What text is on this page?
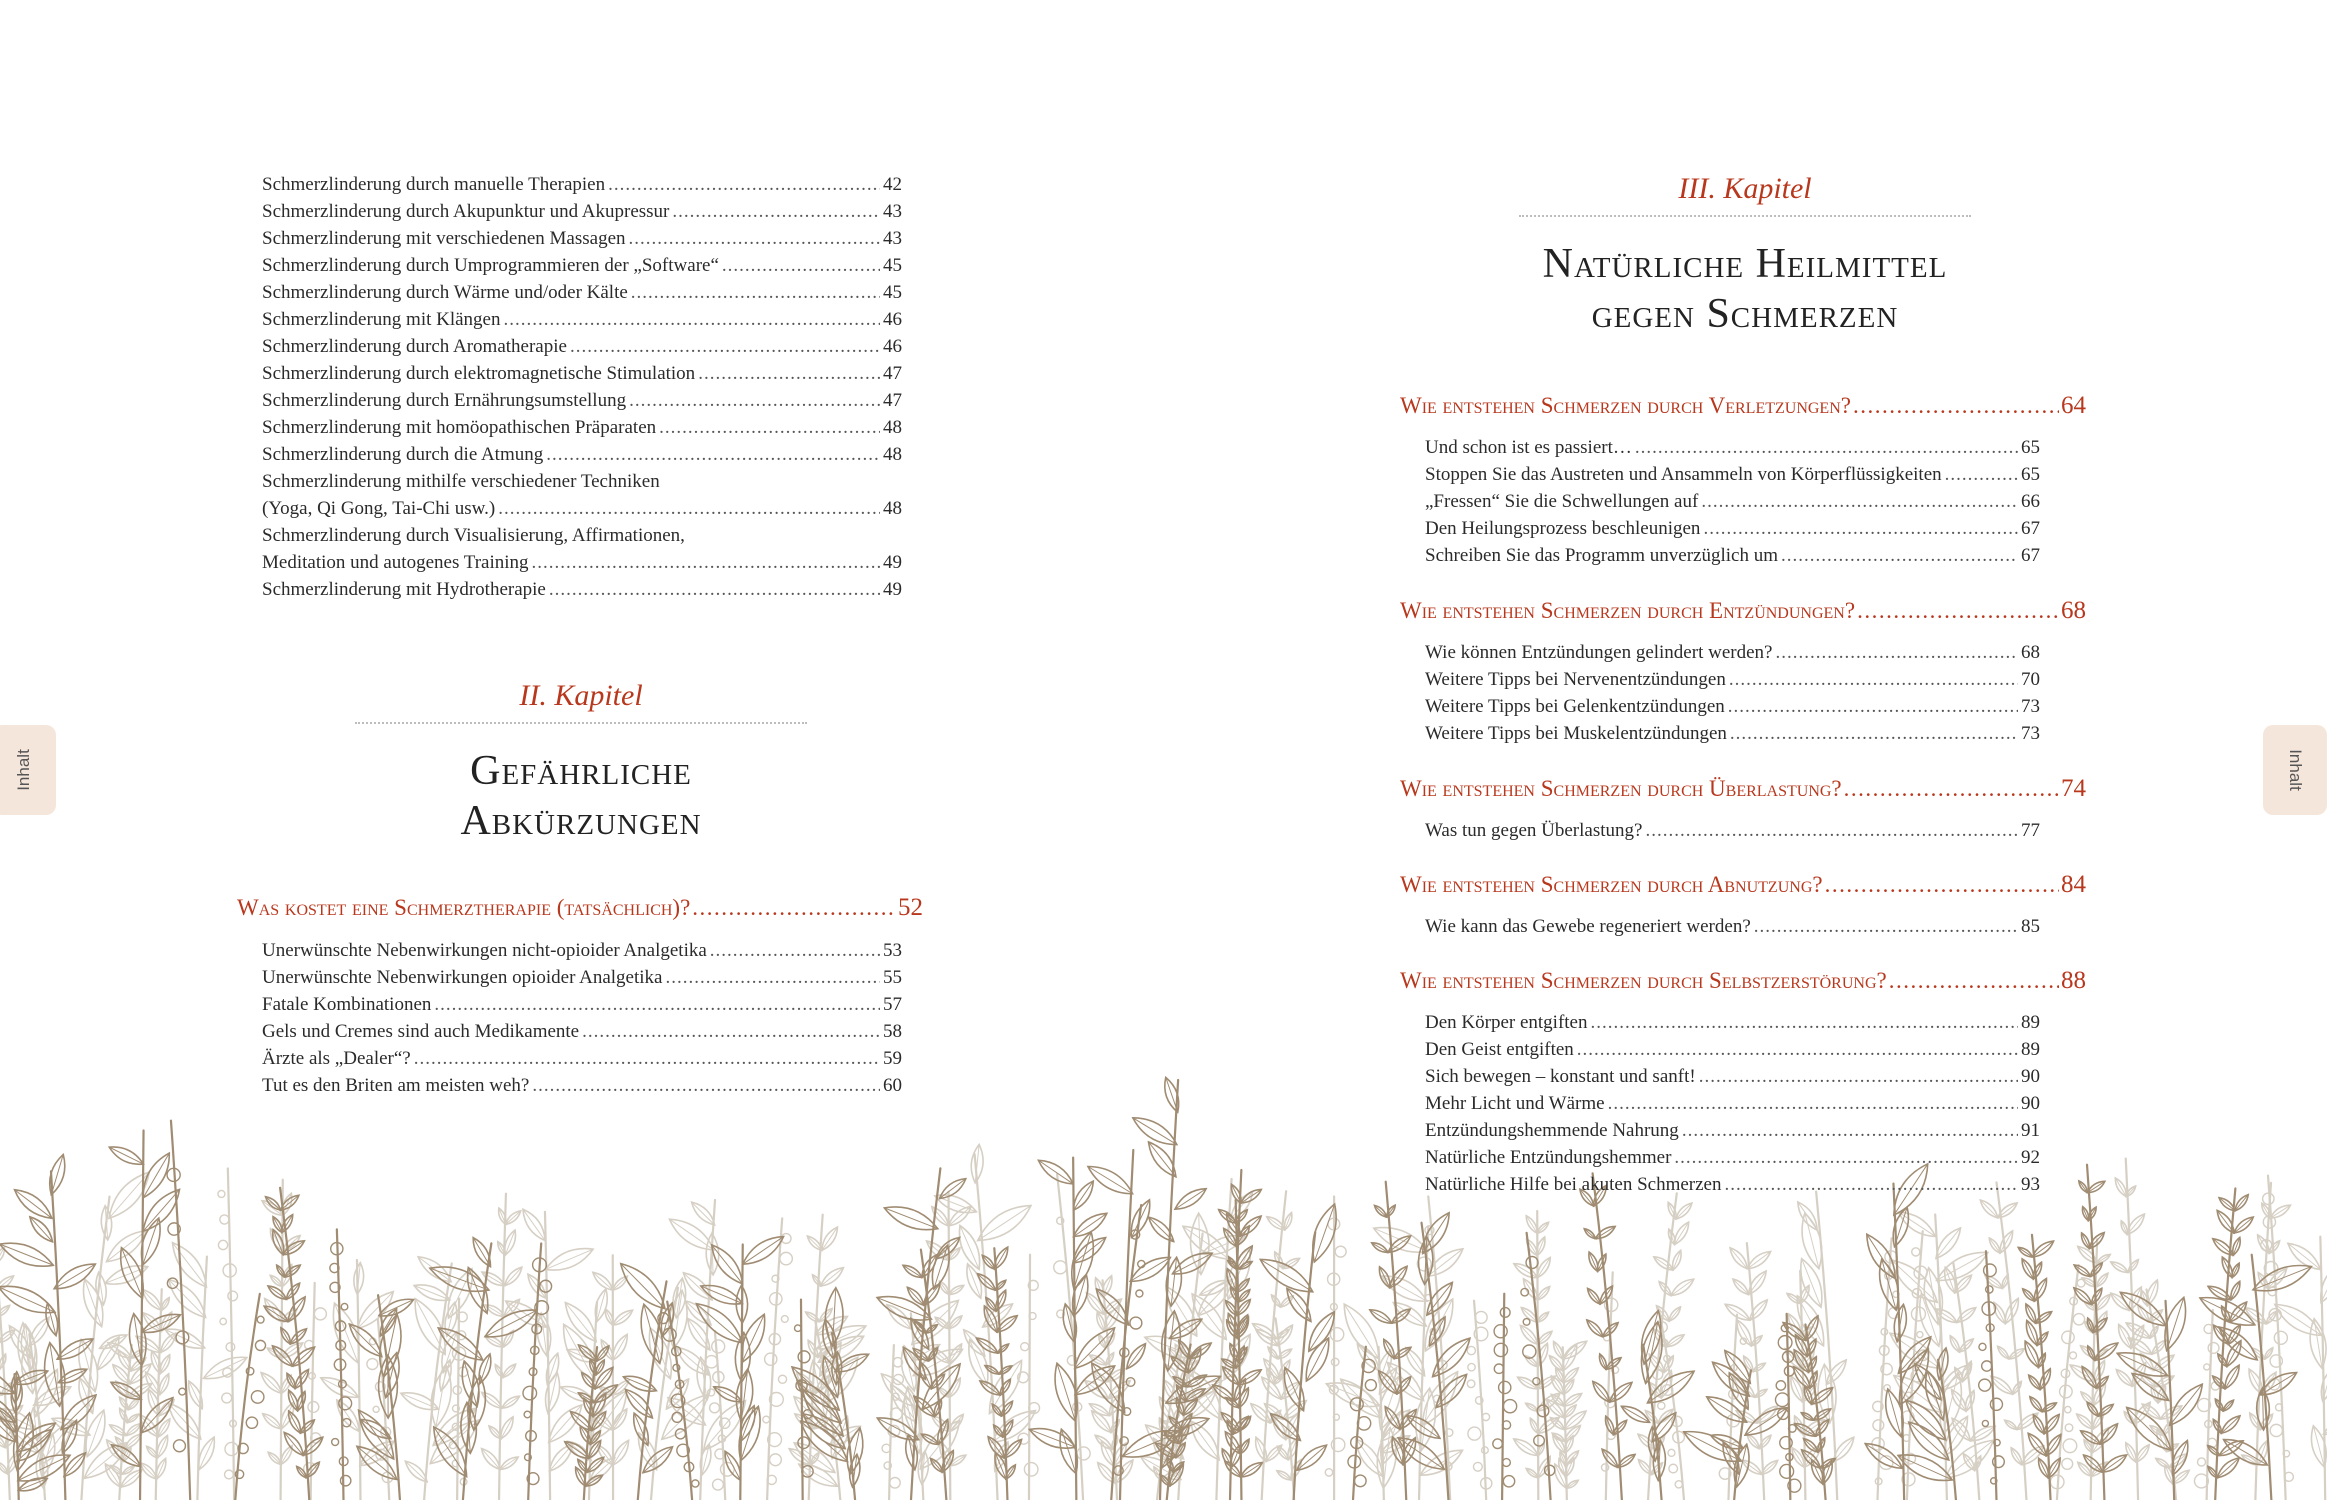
Inhalt	Inhalt
Schmerzlinderung durch manuelle Therapien .....	42
Schmerzlinderung durch Akupunktur und Akupressur .....	43
Schmerzlinderung mit verschiedenen Massagen .....	43
Schmerzlinderung durch Umprogrammieren der „Software“ .....	45
Schmerzlinderung durch Wärme und/oder Kälte .....	45
Schmerzlinderung mit Klängen .....	46
Schmerzlinderung durch Aromatherapie .....	46
Schmerzlinderung durch elektromagnetische Stimulation .....	47
Schmerzlinderung durch Ernährungsumstellung .....	47
Schmerzlinderung mit homöopathischen Präparaten .....	48
Schmerzlinderung durch die Atmung .....	48
Schmerzlinderung mithilfe verschiedener Techniken
(Yoga, Qi Gong, Tai-Chi usw.) .....	48
Schmerzlinderung durch Visualisierung, Affirmationen,
Meditation und autogenes Training .....	49
Schmerzlinderung mit Hydrotherapie .....	49
II. Kapitel
Gefährliche
Abkürzungen
Was kostet eine Schmerztherapie (tatsächlich)? .....	52
Unerwünschte Nebenwirkungen nicht-opioider Analgetika .....	53
Unerwünschte Nebenwirkungen opioider Analgetika .....	55
Fatale Kombinationen .....	57
Gels und Cremes sind auch Medikamente .....	58
Ärzte als „Dealer“? .....	59
Tut es den Briten am meisten weh? .....	60
III. Kapitel
Natürliche Heilmittel
gegen Schmerzen
Wie entstehen Schmerzen durch Verletzungen? .....	64
Und schon ist es passiert… .....	65
Stoppen Sie das Austreten und Ansammeln von Körperflüssigkeiten .....	65
„Fressen“ Sie die Schwellungen auf .....	66
Den Heilungsprozess beschleunigen .....	67
Schreiben Sie das Programm unverzüglich um .....	67
Wie entstehen Schmerzen durch Entzündungen? .....	68
Wie können Entzündungen gelindert werden? .....	68
Weitere Tipps bei Nervenentzündungen .....	70
Weitere Tipps bei Gelenkentzündungen .....	73
Weitere Tipps bei Muskelentzündungen .....	73
Wie entstehen Schmerzen durch Überlastung? .....	74
Was tun gegen Überlastung? .....	77
Wie entstehen Schmerzen durch Abnutzung? .....	84
Wie kann das Gewebe regeneriert werden? .....	85
Wie entstehen Schmerzen durch Selbstzerstörung? .....	88
Den Körper entgiften .....	89
Den Geist entgiften .....	89
Sich bewegen – konstant und sanft! .....	90
Mehr Licht und Wärme .....	90
Entzündungshemmende Nahrung .....	91
Natürliche Entzündungshemmer .....	92
Natürliche Hilfe bei akuten Schmerzen .....	93
